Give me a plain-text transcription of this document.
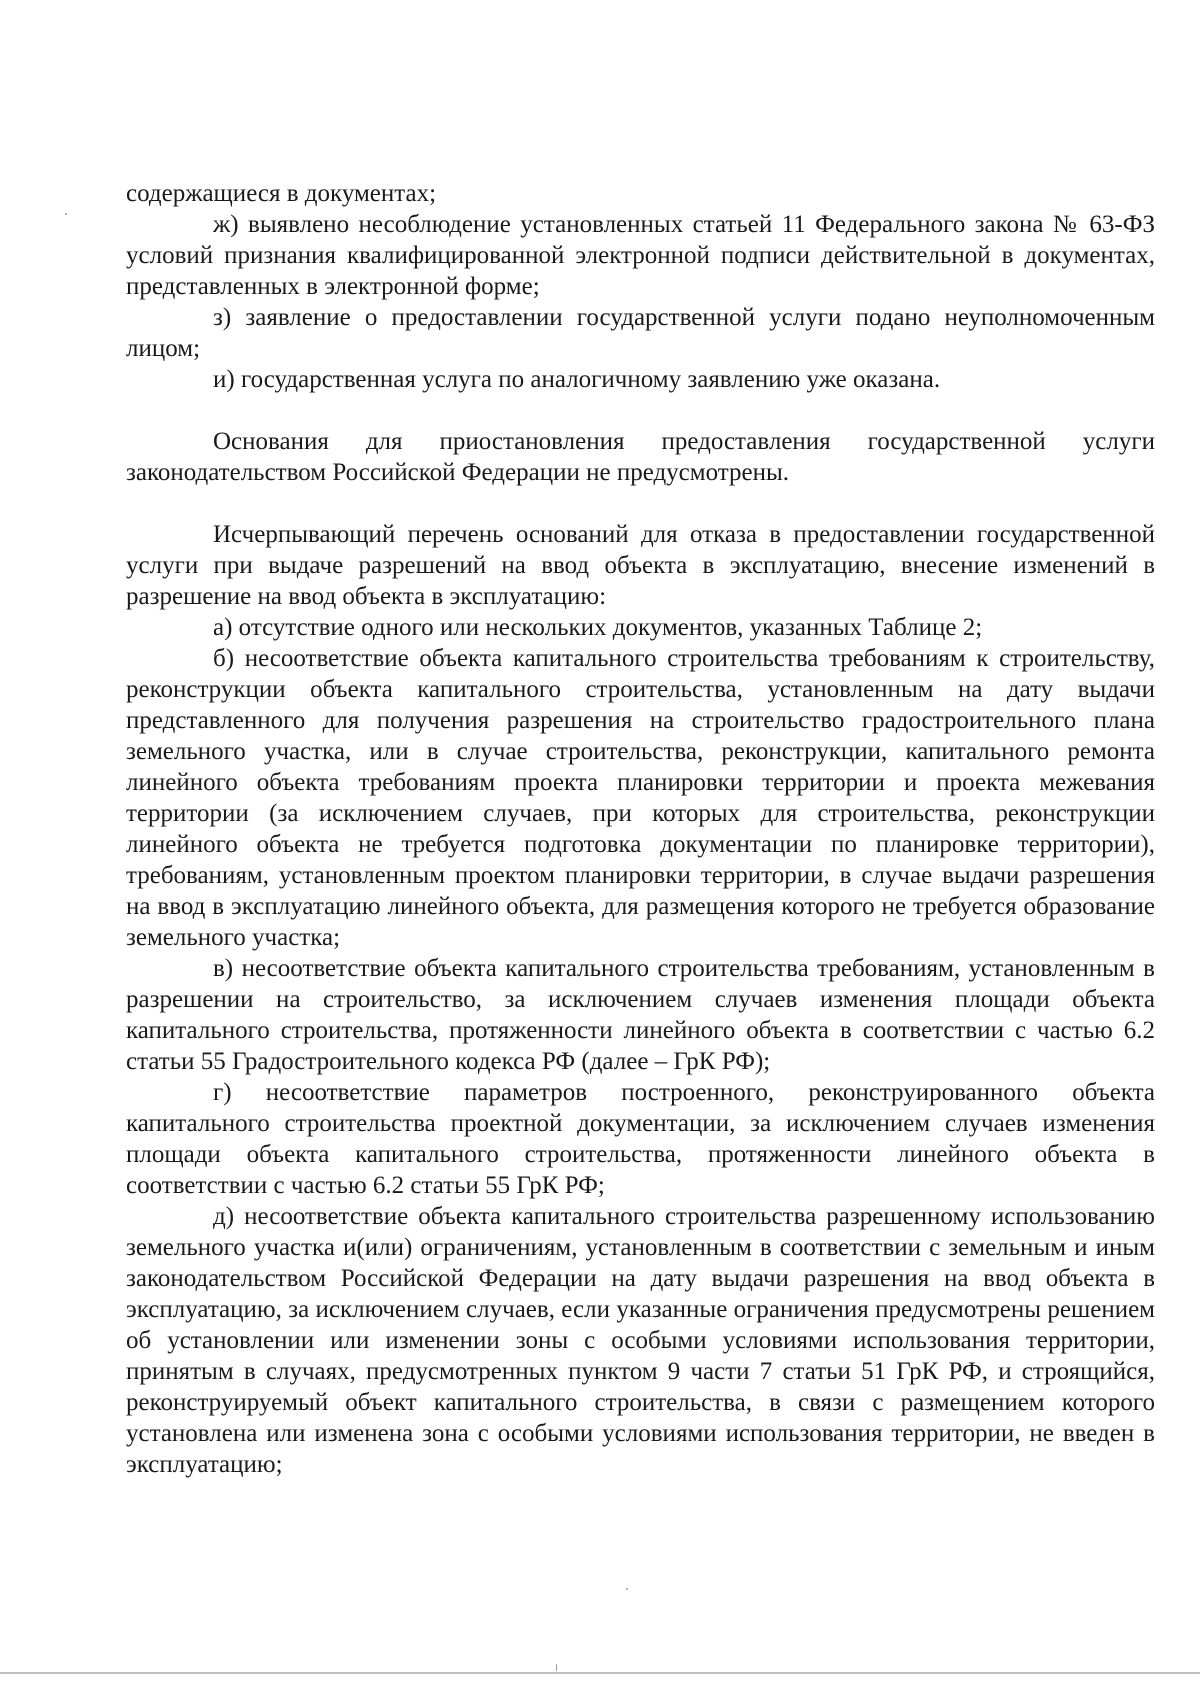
содержащиеся в документах;

ж) выявлено несоблюдение установленных статьей 11 Федерального закона № 63-ФЗ условий признания квалифицированной электронной подписи действительной в документах, представленных в электронной форме;

з) заявление о предоставлении государственной услуги подано неуполномоченным лицом;

и) государственная услуга по аналогичному заявлению уже оказана.

Основания для приостановления предоставления государственной услуги законодательством Российской Федерации не предусмотрены.

Исчерпывающий перечень оснований для отказа в предоставлении государственной услуги при выдаче разрешений на ввод объекта в эксплуатацию, внесение изменений в разрешение на ввод объекта в эксплуатацию:

а) отсутствие одного или нескольких документов, указанных Таблице 2;

б) несоответствие объекта капитального строительства требованиям к строительству, реконструкции объекта капитального строительства, установленным на дату выдачи представленного для получения разрешения на строительство градостроительного плана земельного участка, или в случае строительства, реконструкции, капитального ремонта линейного объекта требованиям проекта планировки территории и проекта межевания территории (за исключением случаев, при которых для строительства, реконструкции линейного объекта не требуется подготовка документации по планировке территории), требованиям, установленным проектом планировки территории, в случае выдачи разрешения на ввод в эксплуатацию линейного объекта, для размещения которого не требуется образование земельного участка;

в) несоответствие объекта капитального строительства требованиям, установленным в разрешении на строительство, за исключением случаев изменения площади объекта капитального строительства, протяженности линейного объекта в соответствии с частью 6.2 статьи 55 Градостроительного кодекса РФ (далее – ГрК РФ);

г) несоответствие параметров построенного, реконструированного объекта капитального строительства проектной документации, за исключением случаев изменения площади объекта капитального строительства, протяженности линейного объекта в соответствии с частью 6.2 статьи 55 ГрК РФ;

д) несоответствие объекта капитального строительства разрешенному использованию земельного участка и(или) ограничениям, установленным в соответствии с земельным и иным законодательством Российской Федерации на дату выдачи разрешения на ввод объекта в эксплуатацию, за исключением случаев, если указанные ограничения предусмотрены решением об установлении или изменении зоны с особыми условиями использования территории, принятым в случаях, предусмотренных пунктом 9 части 7 статьи 51 ГрК РФ, и строящийся, реконструируемый объект капитального строительства, в связи с размещением которого установлена или изменена зона с особыми условиями использования территории, не введен в эксплуатацию;
